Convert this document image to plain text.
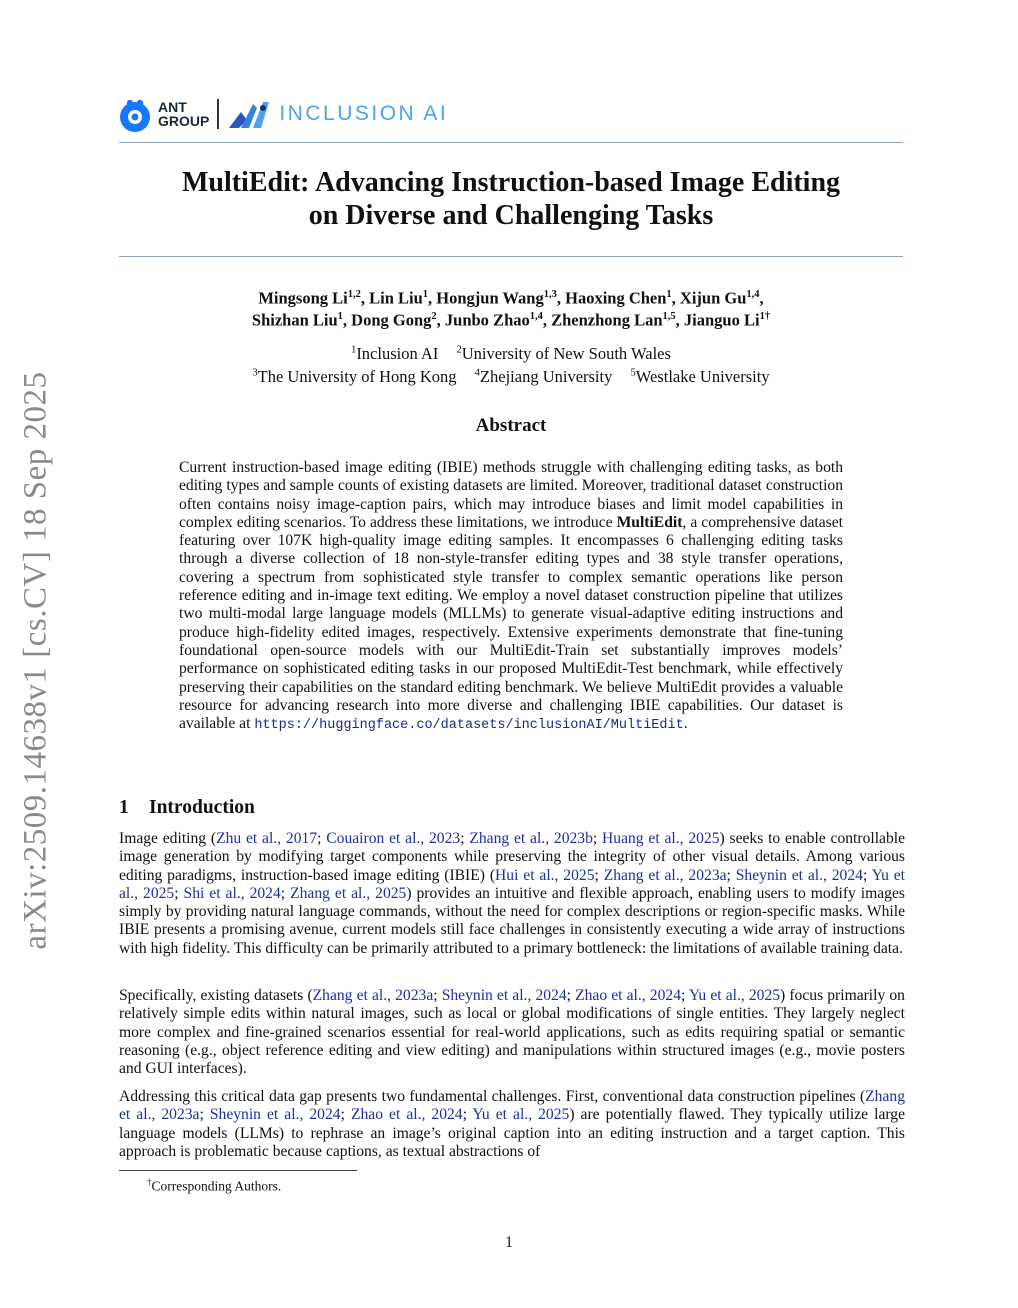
arXiv:2509.14638v1 [cs.CV] 18 Sep 2025
ANT
GROUP	INCLUSION AI
MultiEdit: Advancing Instruction-based Image Editing
on Diverse and Challenging Tasks

Mingsong Li$^{1,2}$, Lin Liu$^1$, Hongjun Wang$^{1,3}$, Haoxing Chen$^1$, Xijun Gu$^{1,4}$,
Shizhan Liu$^1$, Dong Gong$^2$, Junbo Zhao$^{1,4}$, Zhenzhong Lan$^{1,5}$, Jianguo $Li^{1\dagger}$

$^1$Inclusion AI $^2$University of New South Wales
$^3$The University of Hong Kong $^4$Zhejiang University $^5$Westlake University

Abstract

Current instruction-based image editing (IBIE) methods struggle with challenging editing tasks, as both editing types and sample counts of existing datasets are limited. Moreover, traditional dataset construction often contains noisy image-caption pairs, which may introduce biases and limit model capabilities in complex editing scenarios. To address these limitations, we introduce MultiEdit, a comprehensive dataset featuring over 107K high-quality image editing samples. It encompasses 6 challenging editing tasks through a diverse collection of 18 non-style-transfer editing types and 38 style transfer operations, covering a spectrum from sophisticated style transfer to complex semantic operations like person reference editing and in-image text editing. We employ a novel dataset construction pipeline that utilizes two multi-modal large language models (MLLMs) to generate visual-adaptive editing instructions and produce high-fidelity edited images, respectively. Extensive experiments demonstrate that fine-tuning foundational open-source models with our MultiEdit-Train set substantially improves models’ performance on sophisticated editing tasks in our proposed MultiEdit-Test benchmark, while effectively preserving their capabilities on the standard editing benchmark. We believe MultiEdit provides a valuable resource for advancing research into more diverse and challenging IBIE capabilities. Our dataset is available at https://huggingface.co/datasets/inclusionAI/MultiEdit.

1 Introduction

Image editing (Zhu et al., 2017; Couairon et al., 2023; Zhang et al., 2023b; Huang et al., 2025) seeks to enable controllable image generation by modifying target components while preserving the integrity of other visual details. Among various editing paradigms, instruction-based image editing (IBIE) (Hui et al., 2025; Zhang et al., 2023a; Sheynin et al., 2024; Yu et al., 2025; Shi et al., 2024; Zhang et al., 2025) provides an intuitive and flexible approach, enabling users to modify images simply by providing natural language commands, without the need for complex descriptions or region-specific masks. While IBIE presents a promising avenue, current models still face challenges in consistently executing a wide array of instructions with high fidelity. This difficulty can be primarily attributed to a primary bottleneck: the limitations of available training data.

Specifically, existing datasets (Zhang et al., 2023a; Sheynin et al., 2024; Zhao et al., 2024; Yu et al., 2025) focus primarily on relatively simple edits within natural images, such as local or global modifications of single entities. They largely neglect more complex and fine-grained scenarios essential for real-world applications, such as edits requiring spatial or semantic reasoning (e.g., object reference editing and view editing) and manipulations within structured images (e.g., movie posters and GUI interfaces).

Addressing this critical data gap presents two fundamental challenges. First, conventional data construction pipelines (Zhang et al., 2023a; Sheynin et al., 2024; Zhao et al., 2024; Yu et al., 2025) are potentially flawed. They typically utilize large language models (LLMs) to rephrase an image’s original caption into an editing instruction and a target caption. This approach is problematic because captions, as textual abstractions of

†Corresponding Authors.

1
